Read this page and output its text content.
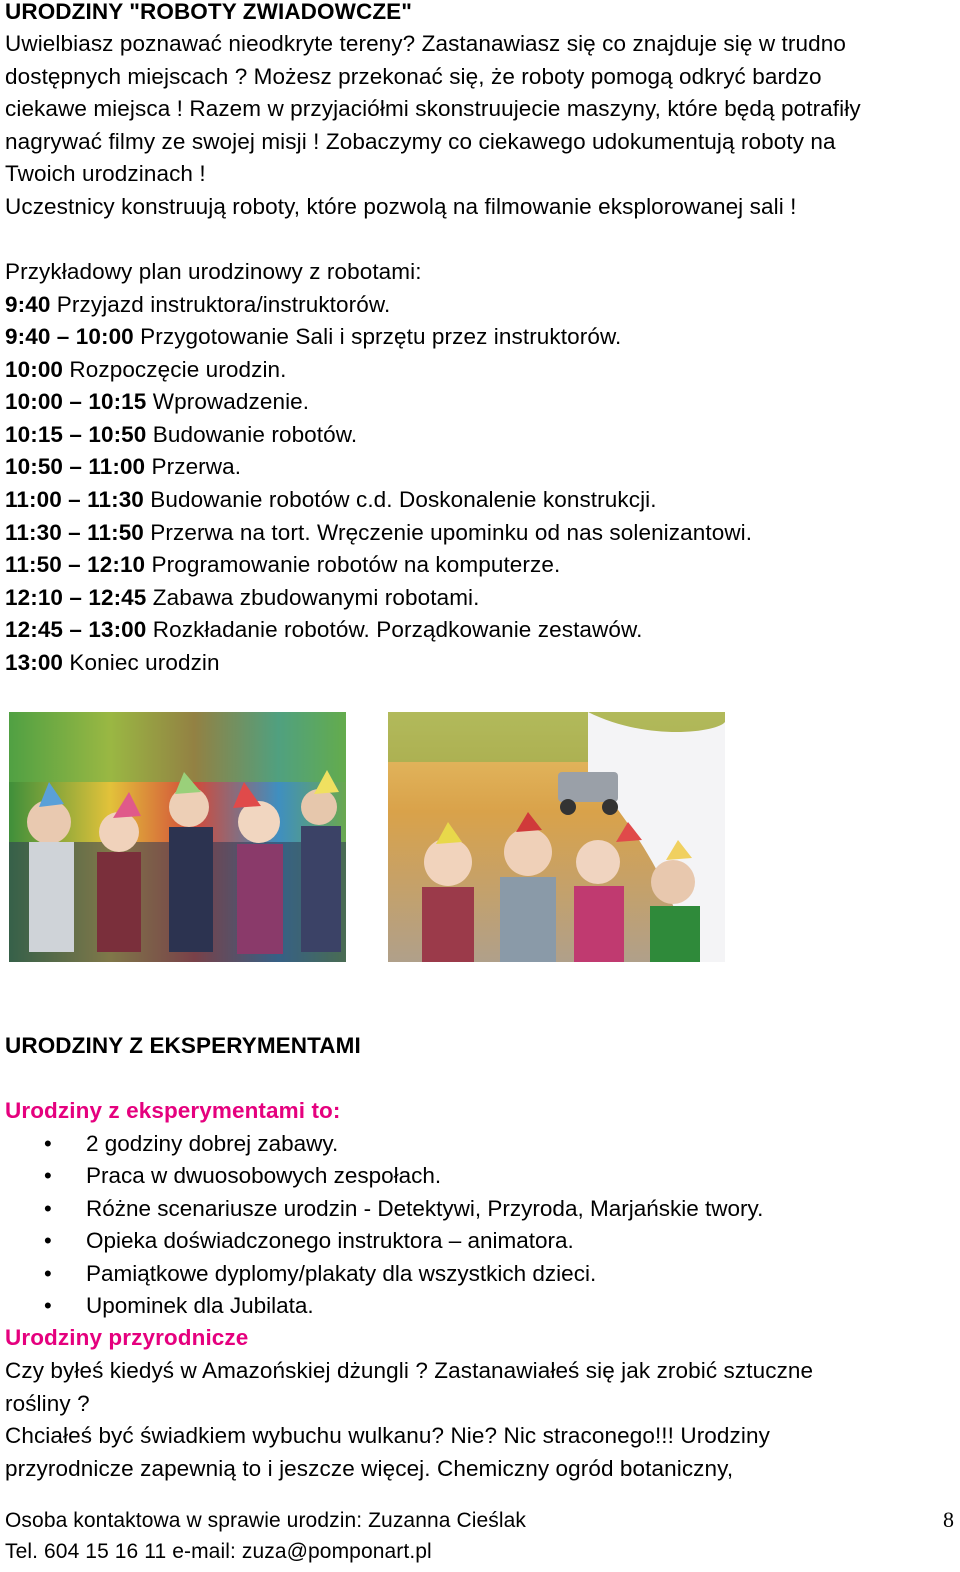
URODZINY "ROBOTY ZWIADOWCZE"
Uwielbiasz poznawać nieodkryte tereny? Zastanawiasz się co znajduje się w trudno
dostępnych miejscach ? Możesz przekonać się, że roboty pomogą odkryć bardzo
ciekawe miejsca ! Razem w przyjaciółmi skonstruujecie maszyny, które będą potrafiły
nagrywać filmy ze swojej misji ! Zobaczymy co ciekawego udokumentują roboty na
Twoich urodzinach !
Uczestnicy konstruują roboty, które pozwolą na filmowanie eksplorowanej sali !
Przykładowy plan urodzinowy z robotami:
9:40 Przyjazd instruktora/instruktorów.
9:40 – 10:00 Przygotowanie Sali i sprzętu przez instruktorów.
10:00 Rozpoczęcie urodzin.
10:00 – 10:15 Wprowadzenie.
10:15 – 10:50 Budowanie robotów.
10:50 – 11:00 Przerwa.
11:00 – 11:30 Budowanie robotów c.d. Doskonalenie konstrukcji.
11:30 – 11:50 Przerwa na tort. Wręczenie upominku od nas solenizantowi.
11:50 – 12:10 Programowanie robotów na komputerze.
12:10 – 12:45 Zabawa zbudowanymi robotami.
12:45 – 13:00 Rozkładanie robotów. Porządkowanie zestawów.
13:00 Koniec urodzin
URODZINY Z EKSPERYMENTAMI
Urodziny z eksperymentami to:
• 2 godziny dobrej zabawy.
• Praca w dwuosobowych zespołach.
• Różne scenariusze urodzin - Detektywi, Przyroda, Marjańskie twory.
• Opieka doświadczonego instruktora – animatora.
• Pamiątkowe dyplomy/plakaty dla wszystkich dzieci.
• Upominek dla Jubilata.
Urodziny przyrodnicze
Czy byłeś kiedyś w Amazońskiej dżungli ? Zastanawiałeś się jak zrobić sztuczne
rośliny ?
Chciałeś być świadkiem wybuchu wulkanu? Nie? Nic straconego!!! Urodziny
przyrodnicze zapewnią to i jeszcze więcej. Chemiczny ogród botaniczny,
Osoba kontaktowa w sprawie urodzin: Zuzanna Cieślak
Tel. 604 15 16 11 e-mail: zuza@pomponart.pl
8
